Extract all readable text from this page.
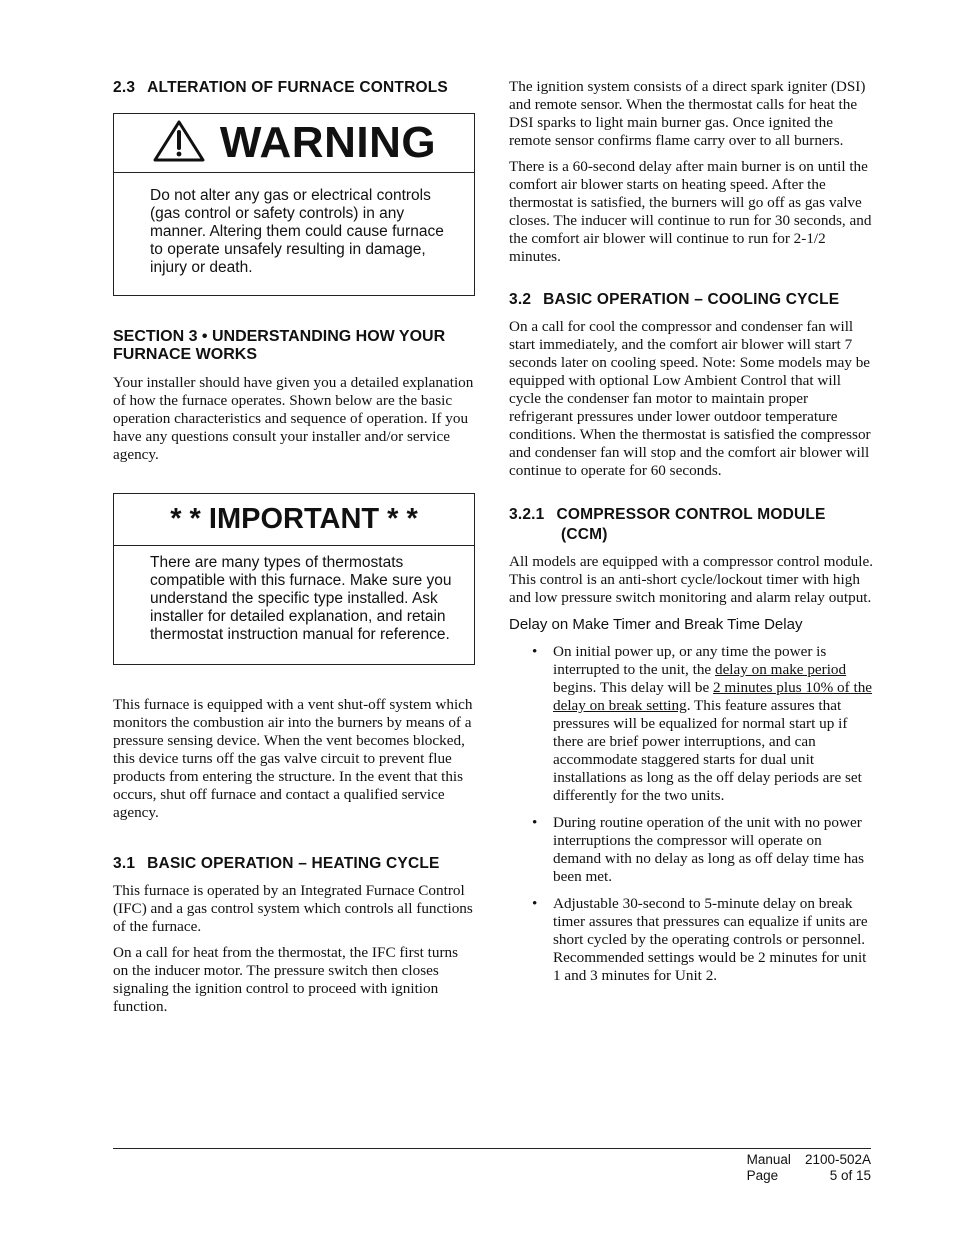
2.3 ALTERATION OF FURNACE CONTROLS
WARNING
Do not alter any gas or electrical controls (gas control or safety controls) in any manner. Altering them could cause furnace to operate unsafely resulting in damage, injury or death.
SECTION 3 • UNDERSTANDING HOW YOUR FURNACE WORKS

Your installer should have given you a detailed explanation of how the furnace operates. Shown below are the basic operation characteristics and sequence of operation. If you have any questions consult your installer and/or service agency.

* * IMPORTANT * *
There are many types of thermostats compatible with this furnace. Make sure you understand the specific type installed. Ask installer for detailed explanation, and retain thermostat instruction manual for reference.

This furnace is equipped with a vent shut-off system which monitors the combustion air into the burners by means of a pressure sensing device. When the vent becomes blocked, this device turns off the gas valve circuit to prevent flue products from entering the structure. In the event that this occurs, shut off furnace and contact a qualified service agency.

3.1 BASIC OPERATION – HEATING CYCLE

This furnace is operated by an Integrated Furnace Control (IFC) and a gas control system which controls all functions of the furnace.

On a call for heat from the thermostat, the IFC first turns on the inducer motor. The pressure switch then closes signaling the ignition control to proceed with ignition function.

The ignition system consists of a direct spark igniter (DSI) and remote sensor. When the thermostat calls for heat the DSI sparks to light main burner gas. Once ignited the remote sensor confirms flame carry over to all burners.

There is a 60-second delay after main burner is on until the comfort air blower starts on heating speed. After the thermostat is satisfied, the burners will go off as gas valve closes. The inducer will continue to run for 30 seconds, and the comfort air blower will continue to run for 2-1/2 minutes.

3.2 BASIC OPERATION – COOLING CYCLE

On a call for cool the compressor and condenser fan will start immediately, and the comfort air blower will start 7 seconds later on cooling speed. Note: Some models may be equipped with optional Low Ambient Control that will cycle the condenser fan motor to maintain proper refrigerant pressures under lower outdoor temperature conditions. When the thermostat is satisfied the compressor and condenser fan will stop and the comfort air blower will continue to operate for 60 seconds.

3.2.1 COMPRESSOR CONTROL MODULE
(CCM)

All models are equipped with a compressor control module. This control is an anti-short cycle/lockout timer with high and low pressure switch monitoring and alarm relay output.

Delay on Make Timer and Break Time Delay

• On initial power up, or any time the power is interrupted to the unit, the delay on make period begins. This delay will be 2 minutes plus 10% of the delay on break setting. This feature assures that pressures will be equalized for normal start up if there are brief power interruptions, and can accommodate staggered starts for dual unit installations as long as the off delay periods are set differently for the two units.
• During routine operation of the unit with no power interruptions the compressor will operate on demand with no delay as long as off delay time has been met.
• Adjustable 30-second to 5-minute delay on break timer assures that pressures can equalize if units are short cycled by the operating controls or personnel. Recommended settings would be 2 minutes for unit 1 and 3 minutes for Unit 2.
Manual	2100-502A
Page	5 of 15
